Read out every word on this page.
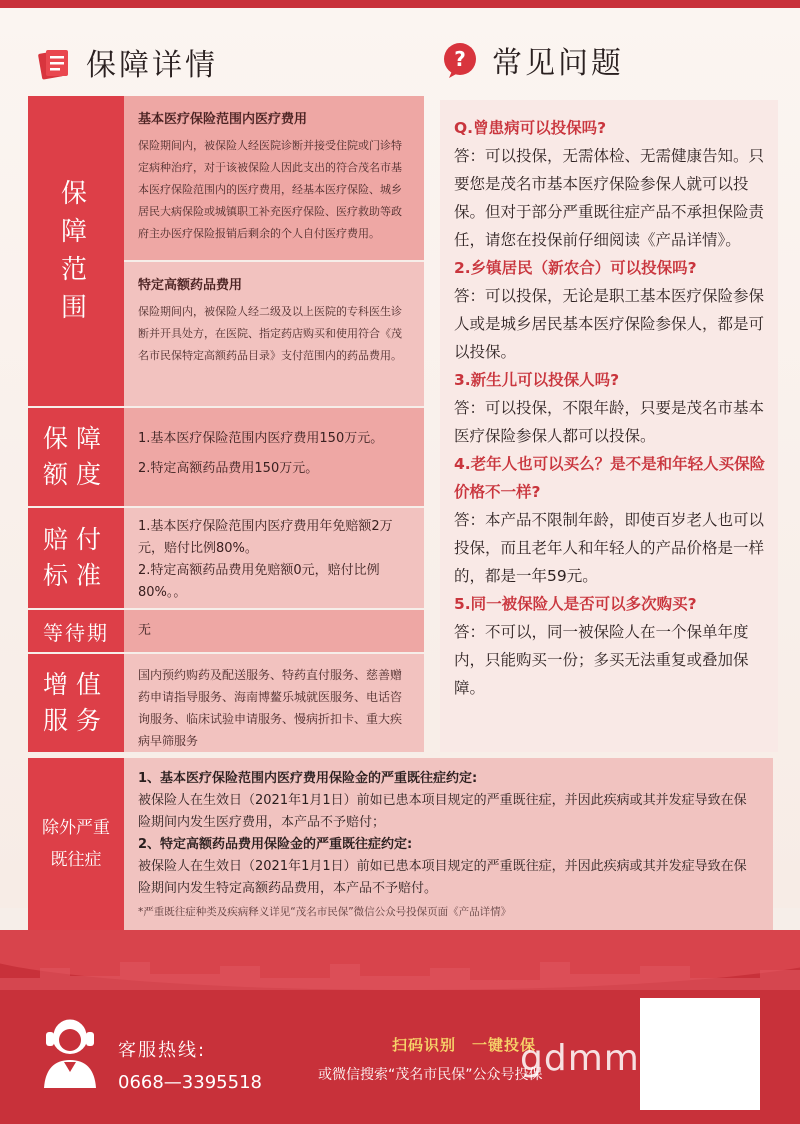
保障详情	? 常见问题
保障范围
基本医疗保险范围内医疗费用
保险期间内，被保险人经医院诊断并接受住院或门诊特定病种治疗，对于该被保险人因此支出的符合茂名市基本医疗保险范围内的医疗费用，经基本医疗保险、城乡居民大病保险或城镇职工补充医疗保险、医疗救助等政府主办医疗保险报销后剩余的个人自付医疗费用。
特定高额药品费用
保险期间内，被保险人经二级及以上医院的专科医生诊断并开具处方，在医院、指定药店购买和使用符合《茂名市民保特定高额药品目录》支付范围内的药品费用。
保障额度
1.基本医疗保险范围内医疗费用150万元。
2.特定高额药品费用150万元。
赔付标准
1.基本医疗保险范围内医疗费用年免赔额2万元，赔付比例80%。
2.特定高额药品费用免赔额0元，赔付比例80%。。
等待期 无
增值服务
国内预约购药及配送服务、特药直付服务、慈善赠药申请指导服务、海南博鳌乐城就医服务、电话咨询服务、临床试验申请服务、慢病折扣卡、重大疾病早筛服务
Q.曾患病可以投保吗?
答：可以投保，无需体检、无需健康告知。只要您是茂名市基本医疗保险参保人就可以投保。但对于部分严重既往症产品不承担保险责任，请您在投保前仔细阅读《产品详情》。
2.乡镇居民（新农合）可以投保吗?
答：可以投保，无论是职工基本医疗保险参保人或是城乡居民基本医疗保险参保人，都是可以投保。
3.新生儿可以投保人吗?
答：可以投保，不限年龄，只要是茂名市基本医疗保险参保人都可以投保。
4.老年人也可以买么？是不是和年轻人买保险价格不一样?
答：本产品不限制年龄，即使百岁老人也可以投保，而且老年人和年轻人的产品价格是一样的，都是一年59元。
5.同一被保险人是否可以多次购买?
答：不可以，同一被保险人在一个保单年度内，只能购买一份；多买无法重复或叠加保障。
除外严重既往症
1、基本医疗保险范围内医疗费用保险金的严重既往症约定:
被保险人在生效日（2021年1月1日）前如已患本项目规定的严重既往症，并因此疾病或其并发症导致在保险期间内发生医疗费用，本产品不予赔付；
2、特定高额药品费用保险金的严重既往症约定:
被保险人在生效日（2021年1月1日）前如已患本项目规定的严重既往症，并因此疾病或其并发症导致在保险期间内发生特定高额药品费用，本产品不予赔付。
*严重既往症种类及疾病释义详见“茂名市民保”微信公众号投保页面《产品详情》
客服热线:
0668—3395518
扫码识别　一键投保
或微信搜索“茂名市民保”公众号投保
gdmm.com
